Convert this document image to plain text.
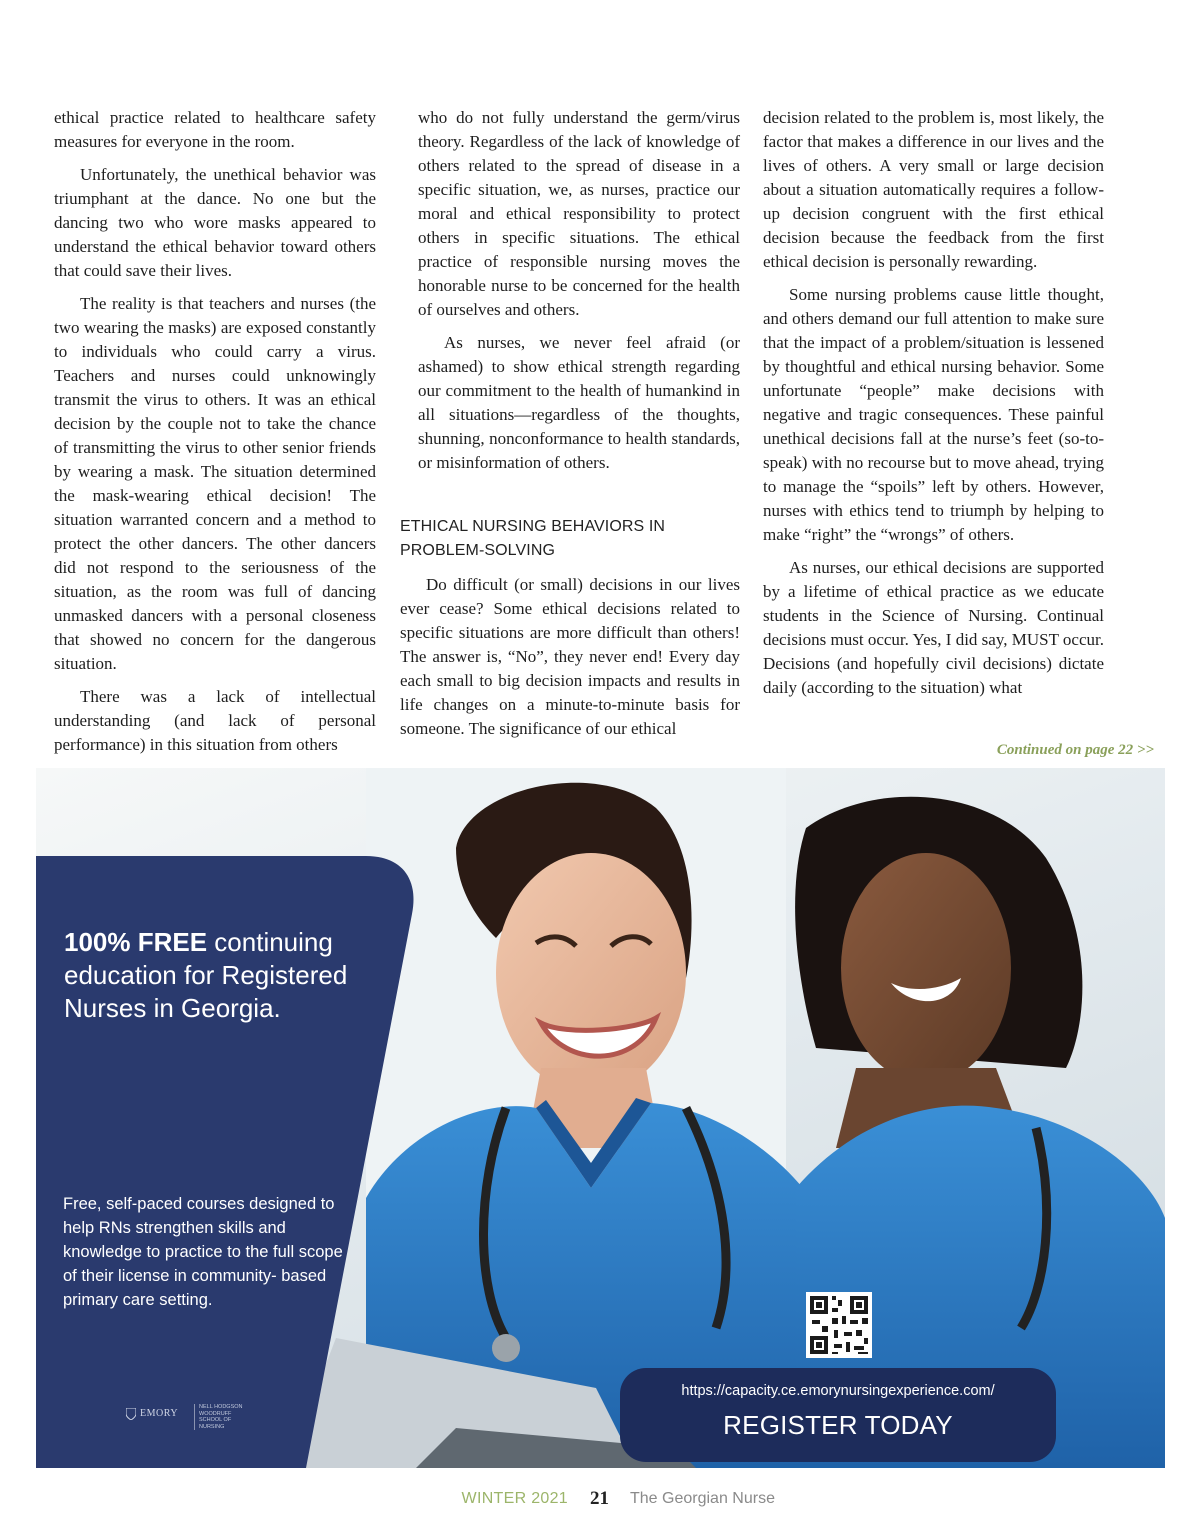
ethical practice related to healthcare safety measures for everyone in the room.

Unfortunately, the unethical behavior was triumphant at the dance. No one but the dancing two who wore masks appeared to understand the ethical behavior toward others that could save their lives.

The reality is that teachers and nurses (the two wearing the masks) are exposed constantly to individuals who could carry a virus. Teachers and nurses could unknowingly transmit the virus to others. It was an ethical decision by the couple not to take the chance of transmitting the virus to other senior friends by wearing a mask. The situation determined the mask-wearing ethical decision! The situation warranted concern and a method to protect the other dancers. The other dancers did not respond to the seriousness of the situation, as the room was full of dancing unmasked dancers with a personal closeness that showed no concern for the dangerous situation.

There was a lack of intellectual understanding (and lack of personal performance) in this situation from others

who do not fully understand the germ/virus theory. Regardless of the lack of knowledge of others related to the spread of disease in a specific situation, we, as nurses, practice our moral and ethical responsibility to protect others in specific situations. The ethical practice of responsible nursing moves the honorable nurse to be concerned for the health of ourselves and others.

As nurses, we never feel afraid (or ashamed) to show ethical strength regarding our commitment to the health of humankind in all situations—regardless of the thoughts, shunning, nonconformance to health standards, or misinformation of others.

ETHICAL NURSING BEHAVIORS IN PROBLEM-SOLVING

Do difficult (or small) decisions in our lives ever cease? Some ethical decisions related to specific situations are more difficult than others! The answer is, “No”, they never end! Every day each small to big decision impacts and results in life changes on a minute-to-minute basis for someone. The significance of our ethical

decision related to the problem is, most likely, the factor that makes a difference in our lives and the lives of others. A very small or large decision about a situation automatically requires a follow-up decision congruent with the first ethical decision because the feedback from the first ethical decision is personally rewarding.

Some nursing problems cause little thought, and others demand our full attention to make sure that the impact of a problem/situation is lessened by thoughtful and ethical nursing behavior. Some unfortunate “people” make decisions with negative and tragic consequences. These painful unethical decisions fall at the nurse’s feet (so-to-speak) with no recourse but to move ahead, trying to manage the “spoils” left by others. However, nurses with ethics tend to triumph by helping to make “right” the “wrongs” of others.

As nurses, our ethical decisions are supported by a lifetime of ethical practice as we educate students in the Science of Nursing. Continual decisions must occur. Yes, I did say, MUST occur. Decisions (and hopefully civil decisions) dictate daily (according to the situation) what

Continued on page 22 >>
100% FREE continuing education for Registered Nurses in Georgia.
Free, self-paced courses designed to help RNs strengthen skills and knowledge to practice to the full scope of their license in community- based primary care setting.
EMORY
NELL HODGSON WOODRUFF SCHOOL OF NURSING
https://capacity.ce.emorynursingexperience.com/
REGISTER TODAY
WINTER 2021 21 The Georgian Nurse
